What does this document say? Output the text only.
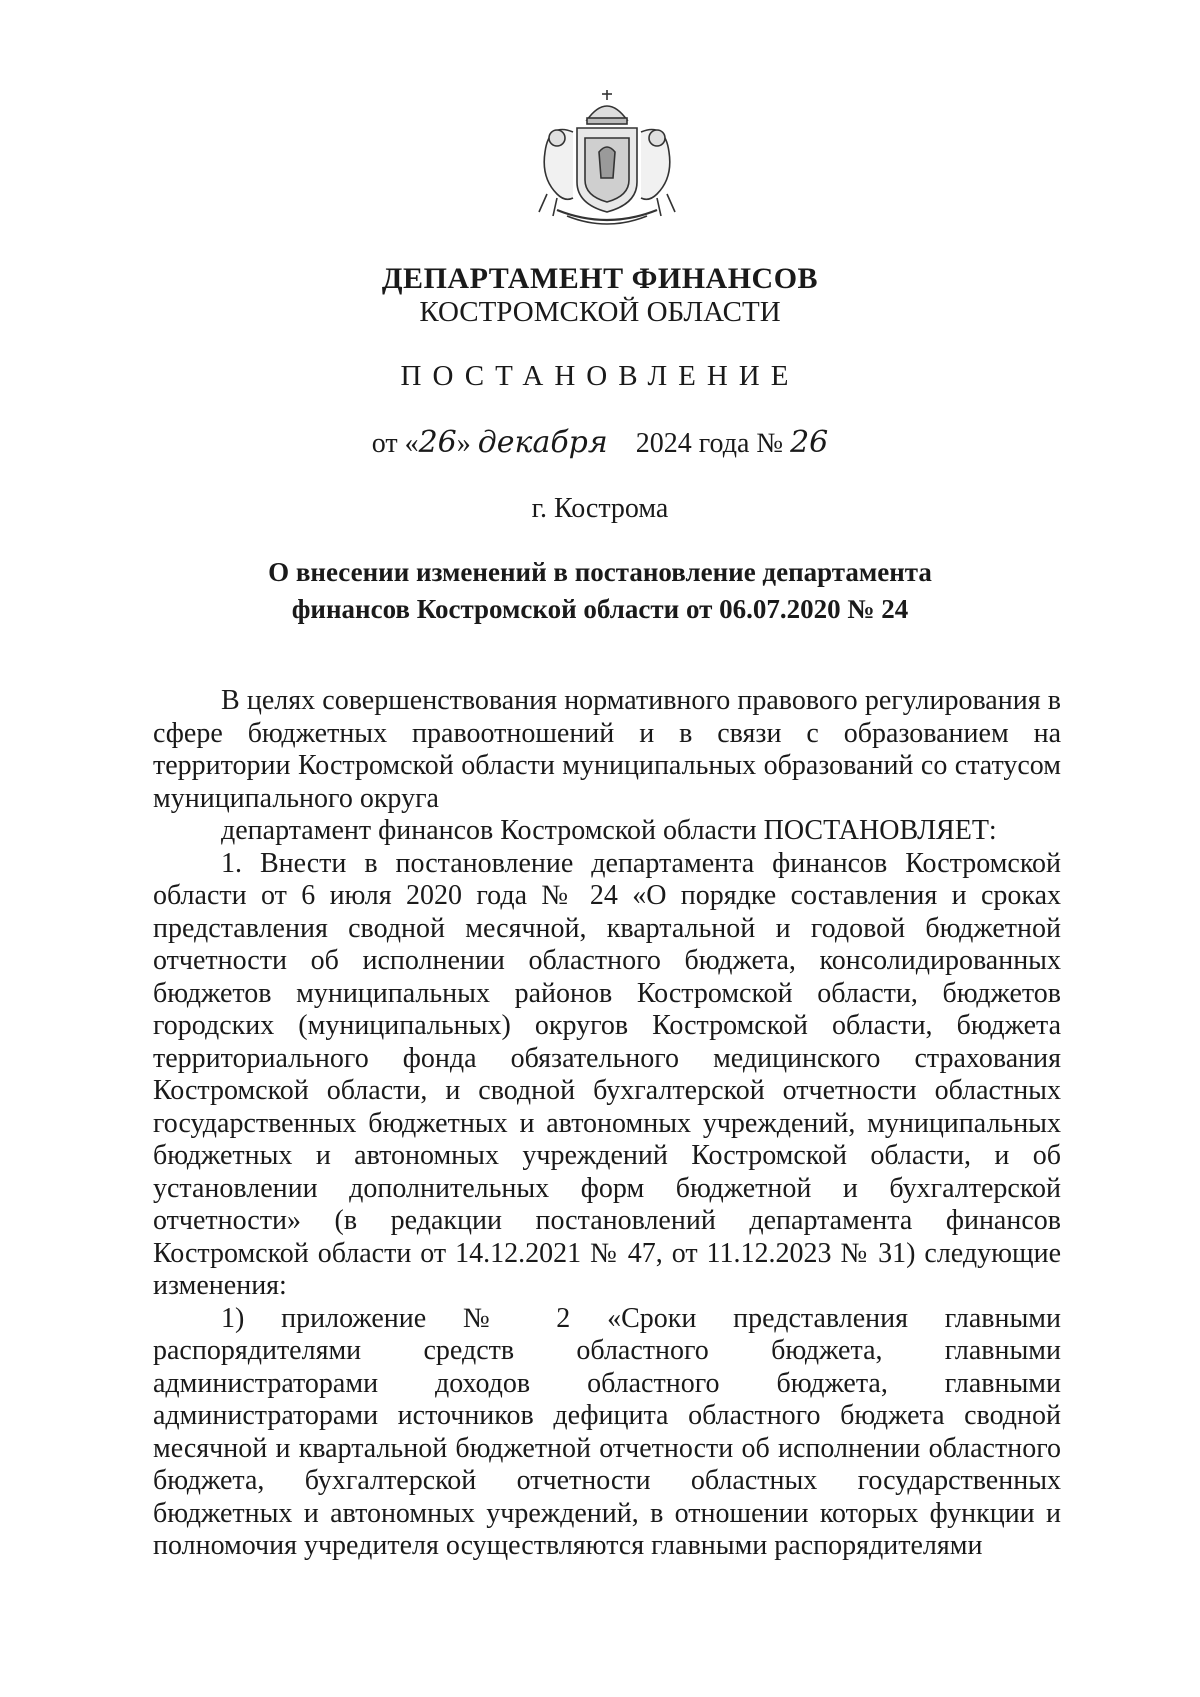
ДЕПАРТАМЕНТ ФИНАНСОВ
КОСТРОМСКОЙ ОБЛАСТИ
ПОСТАНОВЛЕНИЕ
от «26» декабря 2024 года № 26
г. Кострома
О внесении изменений в постановление департамента
финансов Костромской области от 06.07.2020 № 24

В целях совершенствования нормативного правового регулирования в сфере бюджетных правоотношений и в связи с образованием на территории Костромской области муниципальных образований со статусом муниципального округа

департамент финансов Костромской области ПОСТАНОВЛЯЕТ:

1. Внести в постановление департамента финансов Костромской области от 6 июля 2020 года № 24 «О порядке составления и сроках представления сводной месячной, квартальной и годовой бюджетной отчетности об исполнении областного бюджета, консолидированных бюджетов муниципальных районов Костромской области, бюджетов городских (муниципальных) округов Костромской области, бюджета территориального фонда обязательного медицинского страхования Костромской области, и сводной бухгалтерской отчетности областных государственных бюджетных и автономных учреждений, муниципальных бюджетных и автономных учреждений Костромской области, и об установлении дополнительных форм бюджетной и бухгалтерской отчетности» (в редакции постановлений департамента финансов Костромской области от 14.12.2021 № 47, от 11.12.2023 № 31) следующие изменения:

1) приложение № 2 «Сроки представления главными распорядителями средств областного бюджета, главными администраторами доходов областного бюджета, главными администраторами источников дефицита областного бюджета сводной месячной и квартальной бюджетной отчетности об исполнении областного бюджета, бухгалтерской отчетности областных государственных бюджетных и автономных учреждений, в отношении которых функции и полномочия учредителя осуществляются главными распорядителями
